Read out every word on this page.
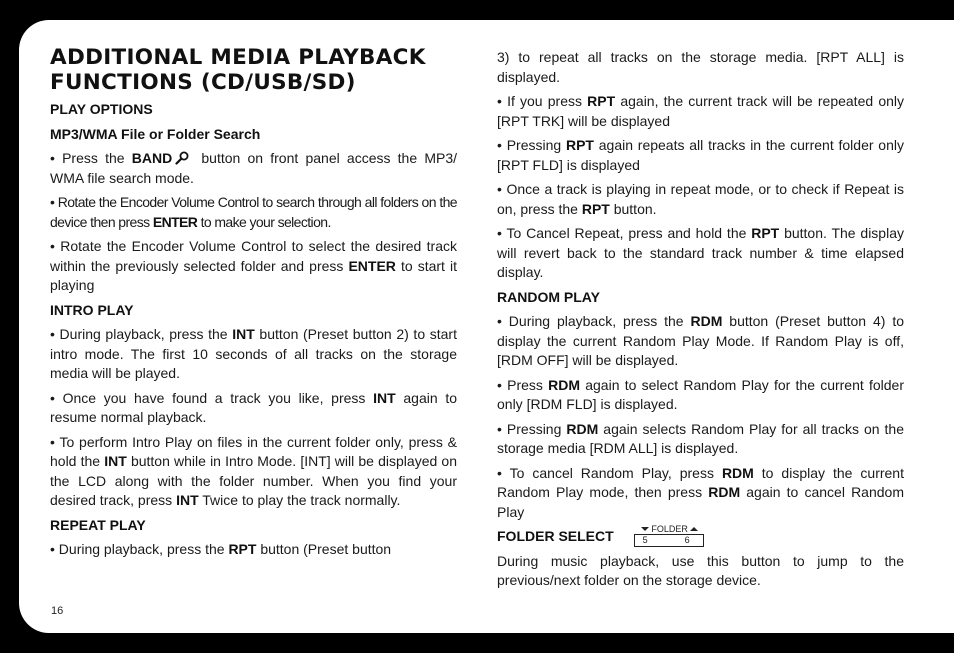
ADDITIONAL MEDIA PLAYBACK FUNCTIONS (CD/USB/SD)
PLAY OPTIONS
MP3/WMA File or Folder Search

• Press the BAND button on front panel access the MP3/ WMA file search mode.

• Rotate the Encoder Volume Control to search through all folders on the device then press ENTER to make your selection.

• Rotate the Encoder Volume Control to select the desired track within the previously selected folder and press ENTER to start it playing

INTRO PLAY

• During playback, press the INT button (Preset button 2) to start intro mode. The first 10 seconds of all tracks on the storage media will be played.

• Once you have found a track you like, press INT again to resume normal playback.

• To perform Intro Play on files in the current folder only, press & hold the INT button while in Intro Mode. [INT] will be displayed on the LCD along with the folder number. When you find your desired track, press INT Twice to play the track normally.

REPEAT PLAY

• During playback, press the RPT button (Preset button

3) to repeat all tracks on the storage media. [RPT ALL] is displayed.

• If you press RPT again, the current track will be repeated only [RPT TRK] will be displayed

• Pressing RPT again repeats all tracks in the current folder only [RPT FLD] is displayed

• Once a track is playing in repeat mode, or to check if Repeat is on, press the RPT button.

• To Cancel Repeat, press and hold the RPT button. The display will revert back to the standard track number & time elapsed display.

RANDOM PLAY

• During playback, press the RDM button (Preset button 4) to display the current Random Play Mode. If Random Play is off, [RDM OFF] will be displayed.

• Press RDM again to select Random Play for the current folder only [RDM FLD] is displayed.

• Pressing RDM again selects Random Play for all tracks on the storage media [RDM ALL] is displayed.

• To cancel Random Play, press RDM to display the current Random Play mode, then press RDM again to cancel Random Play

FOLDER SELECT	FOLDER
5	6

During music playback, use this button to jump to the previous/next folder on the storage device.

16
